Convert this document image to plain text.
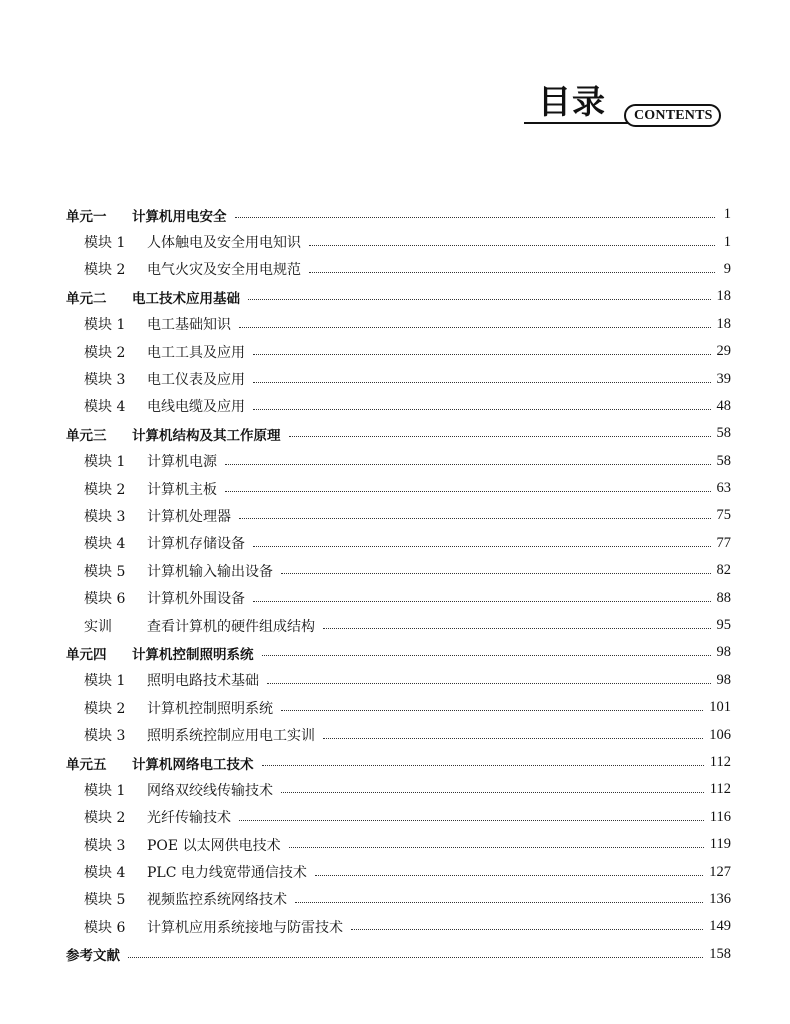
目录	CONTENTS
单元一	计算机用电安全	1
模块 1	人体触电及安全用电知识	1
模块 2	电气火灾及安全用电规范	9
单元二	电工技术应用基础	18
模块 1	电工基础知识	18
模块 2	电工工具及应用	29
模块 3	电工仪表及应用	39
模块 4	电线电缆及应用	48
单元三	计算机结构及其工作原理	58
模块 1	计算机电源	58
模块 2	计算机主板	63
模块 3	计算机处理器	75
模块 4	计算机存储设备	77
模块 5	计算机输入输出设备	82
模块 6	计算机外围设备	88
实训	查看计算机的硬件组成结构	95
单元四	计算机控制照明系统	98
模块 1	照明电路技术基础	98
模块 2	计算机控制照明系统	101
模块 3	照明系统控制应用电工实训	106
单元五	计算机网络电工技术	112
模块 1	网络双绞线传输技术	112
模块 2	光纤传输技术	116
模块 3	POE 以太网供电技术	119
模块 4	PLC 电力线宽带通信技术	127
模块 5	视频监控系统网络技术	136
模块 6	计算机应用系统接地与防雷技术	149
参考文献	158
